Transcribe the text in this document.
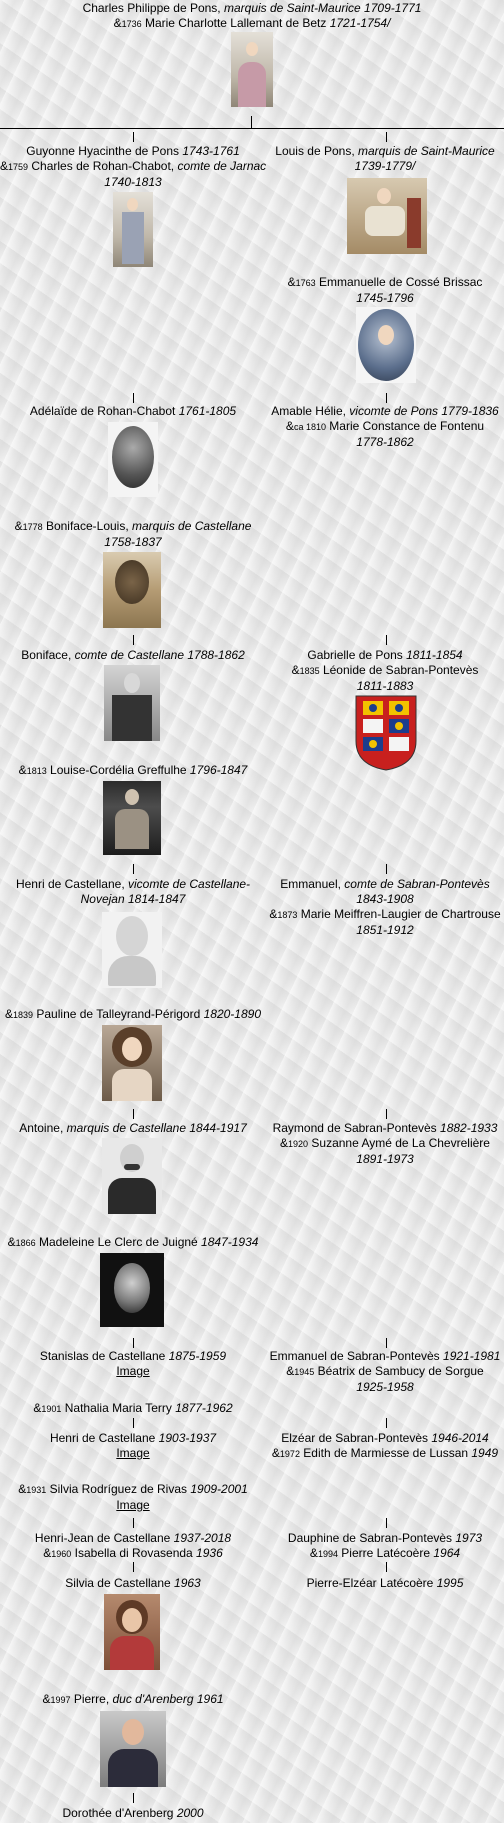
Charles Philippe de Pons, marquis de Saint-Maurice 1709-1771
&1736 Marie Charlotte Lallemant de Betz 1721-1754/
Guyonne Hyacinthe de Pons 1743-1761
&1759 Charles de Rohan-Chabot, comte de Jarnac
1740-1813
Adélaïde de Rohan-Chabot 1761-1805
&1778 Boniface-Louis, marquis de Castellane
1758-1837
Boniface, comte de Castellane 1788-1862
&1813 Louise-Cordélia Greffulhe 1796-1847
Henri de Castellane, vicomte de Castellane-
Novejan 1814-1847
&1839 Pauline de Talleyrand-Périgord 1820-1890
Antoine, marquis de Castellane 1844-1917
&1866 Madeleine Le Clerc de Juigné 1847-1934
Stanislas de Castellane 1875-1959
Image
&1901 Nathalia Maria Terry 1877-1962
Henri de Castellane 1903-1937
Image
&1931 Silvia Rodríguez de Rivas 1909-2001
Image
Henri-Jean de Castellane 1937-2018
&1960 Isabella di Rovasenda 1936
Silvia de Castellane 1963
&1997 Pierre, duc d'Arenberg 1961
Dorothée d'Arenberg 2000
Louis de Pons, marquis de Saint-Maurice
1739-1779/
&1763 Emmanuelle de Cossé Brissac
1745-1796
Amable Hélie, vicomte de Pons 1779-1836
&ca 1810 Marie Constance de Fontenu
1778-1862
Gabrielle de Pons 1811-1854
&1835 Léonide de Sabran-Pontevès
1811-1883
Emmanuel, comte de Sabran-Pontevès
1843-1908
&1873 Marie Meiffren-Laugier de Chartrouse
1851-1912
Raymond de Sabran-Pontevès 1882-1933
&1920 Suzanne Aymé de La Chevrelière
1891-1973
Emmanuel de Sabran-Pontevès 1921-1981
&1945 Béatrix de Sambucy de Sorgue
1925-1958
Elzéar de Sabran-Pontevès 1946-2014
&1972 Edith de Marmiesse de Lussan 1949
Dauphine de Sabran-Pontevès 1973
&1994 Pierre Latécoère 1964
Pierre-Elzéar Latécoère 1995
